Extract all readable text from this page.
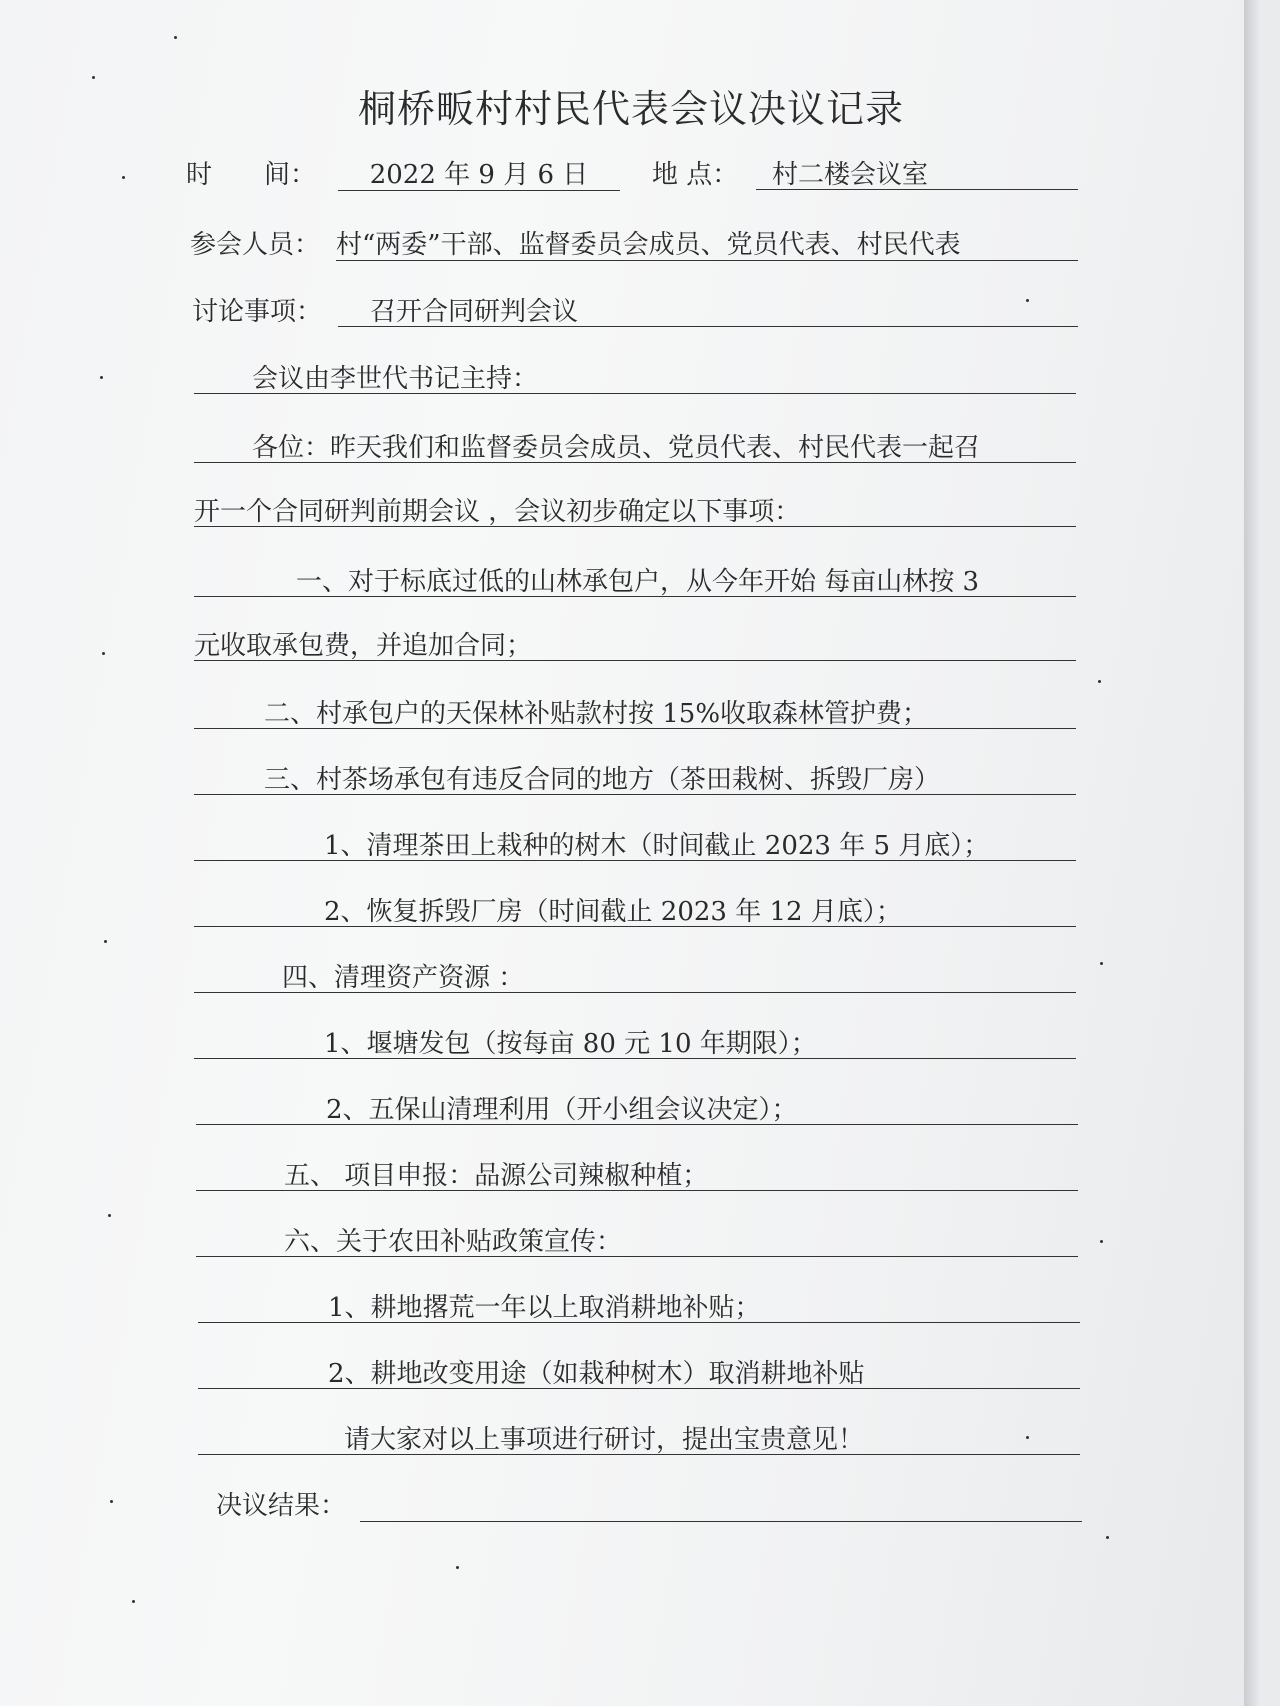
桐桥畈村村民代表会议决议记录
时　　间：	2022 年 9 月 6 日	地 点：	村二楼会议室
参会人员： 村“两委”干部、监督委员会成员、党员代表、村民代表
讨论事项：	召开合同研判会议
会议由李世代书记主持：
各位：昨天我们和监督委员会成员、党员代表、村民代表一起召
开一个合同研判前期会议 ，会议初步确定以下事项：
一、对于标底过低的山林承包户，从今年开始 每亩山林按 3
元收取承包费，并追加合同；
二、村承包户的天保林补贴款村按 15%收取森林管护费；
三、村茶场承包有违反合同的地方（茶田栽树、拆毁厂房）
1、清理茶田上栽种的树木（时间截止 2023 年 5 月底）；
2、恢复拆毁厂房（时间截止 2023 年 12 月底）；
四、清理资产资源 ：
1、堰塘发包（按每亩 80 元 10 年期限）；
2、五保山清理利用（开小组会议决定）；
五、 项目申报：品源公司辣椒种植；
六、关于农田补贴政策宣传：
1、耕地撂荒一年以上取消耕地补贴；
2、耕地改变用途（如栽种树木）取消耕地补贴
请大家对以上事项进行研讨，提出宝贵意见！
决议结果：
